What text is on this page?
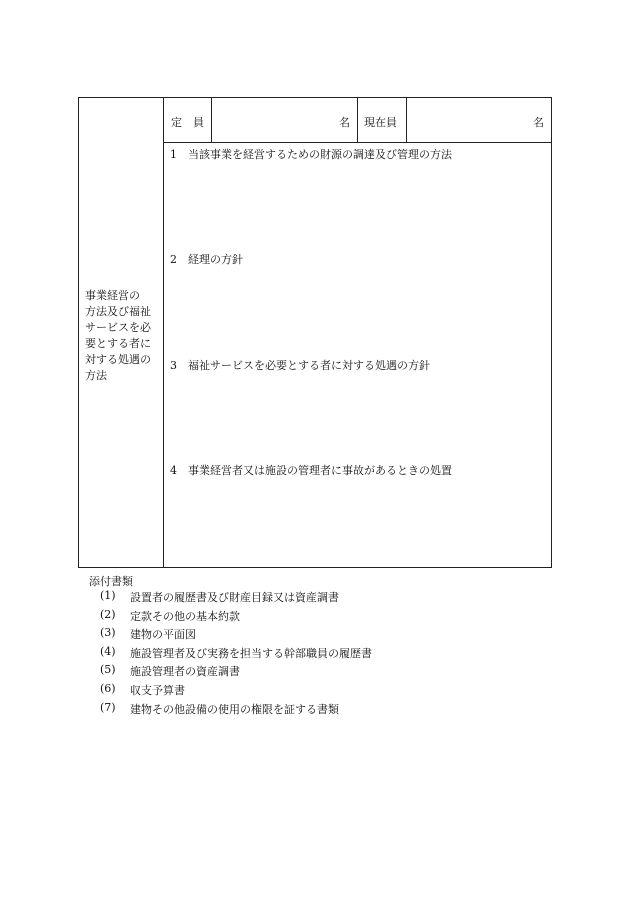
定　員	名 現在員	名
事業経営の
方法及び福祉
サービスを必
要とする者に
対する処遇の
方法
1　当該事業を経営するための財源の調達及び管理の方法
2　経理の方針
3　福祉サービスを必要とする者に対する処遇の方針
4　事業経営者又は施設の管理者に事故があるときの処置
添付書類
(1)	設置者の履歴書及び財産目録又は資産調書
(2)	定款その他の基本約款
(3)	建物の平面図
(4)	施設管理者及び実務を担当する幹部職員の履歴書
(5)	施設管理者の資産調書
(6)	収支予算書
(7)	建物その他設備の使用の権限を証する書類
